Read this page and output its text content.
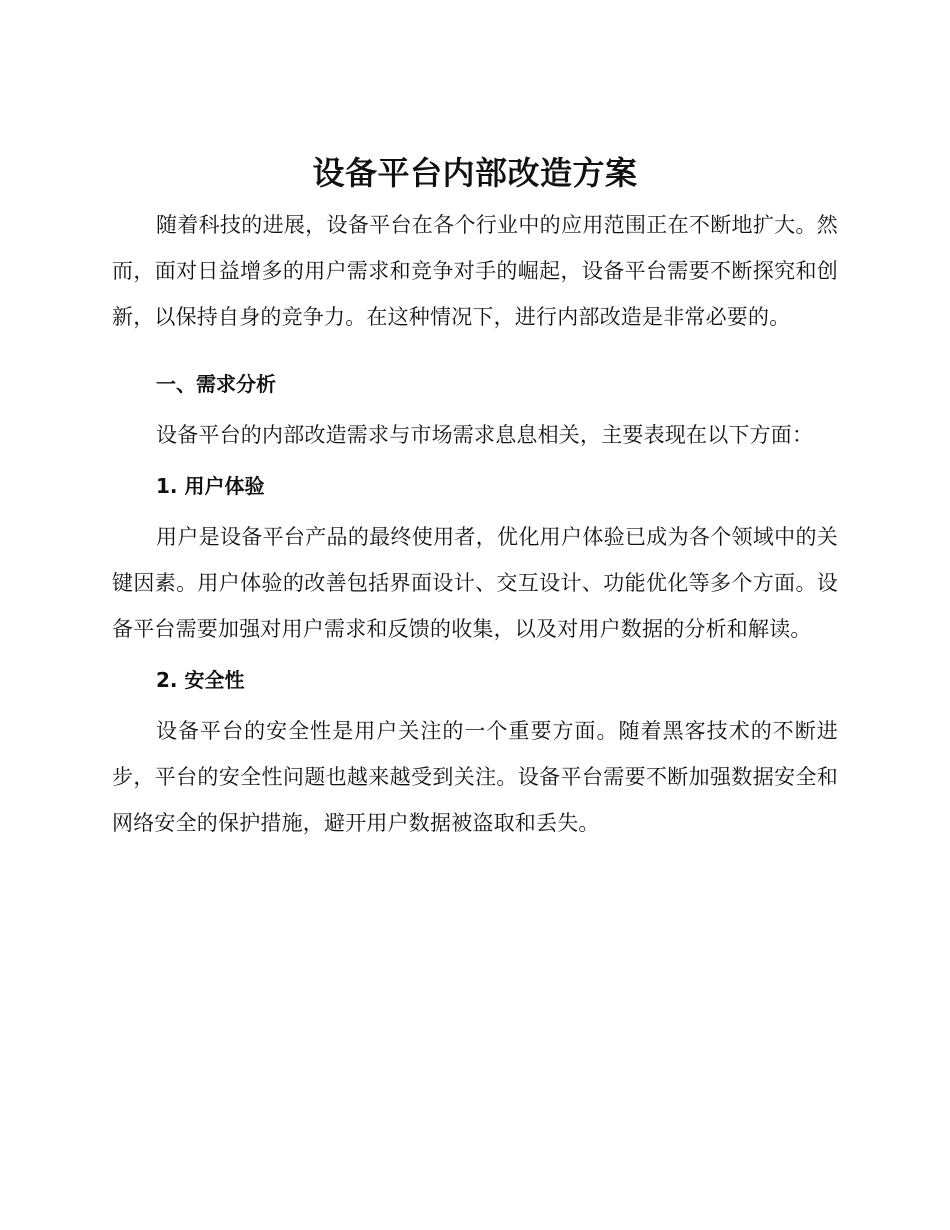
设备平台内部改造方案

随着科技的进展，设备平台在各个行业中的应用范围正在不断地扩大。然而，面对日益增多的用户需求和竞争对手的崛起，设备平台需要不断探究和创新，以保持自身的竞争力。在这种情况下，进行内部改造是非常必要的。

一、需求分析

设备平台的内部改造需求与市场需求息息相关，主要表现在以下方面：

1. 用户体验

用户是设备平台产品的最终使用者，优化用户体验已成为各个领域中的关键因素。用户体验的改善包括界面设计、交互设计、功能优化等多个方面。设备平台需要加强对用户需求和反馈的收集，以及对用户数据的分析和解读。

2. 安全性

设备平台的安全性是用户关注的一个重要方面。随着黑客技术的不断进步，平台的安全性问题也越来越受到关注。设备平台需要不断加强数据安全和网络安全的保护措施，避开用户数据被盗取和丢失。
